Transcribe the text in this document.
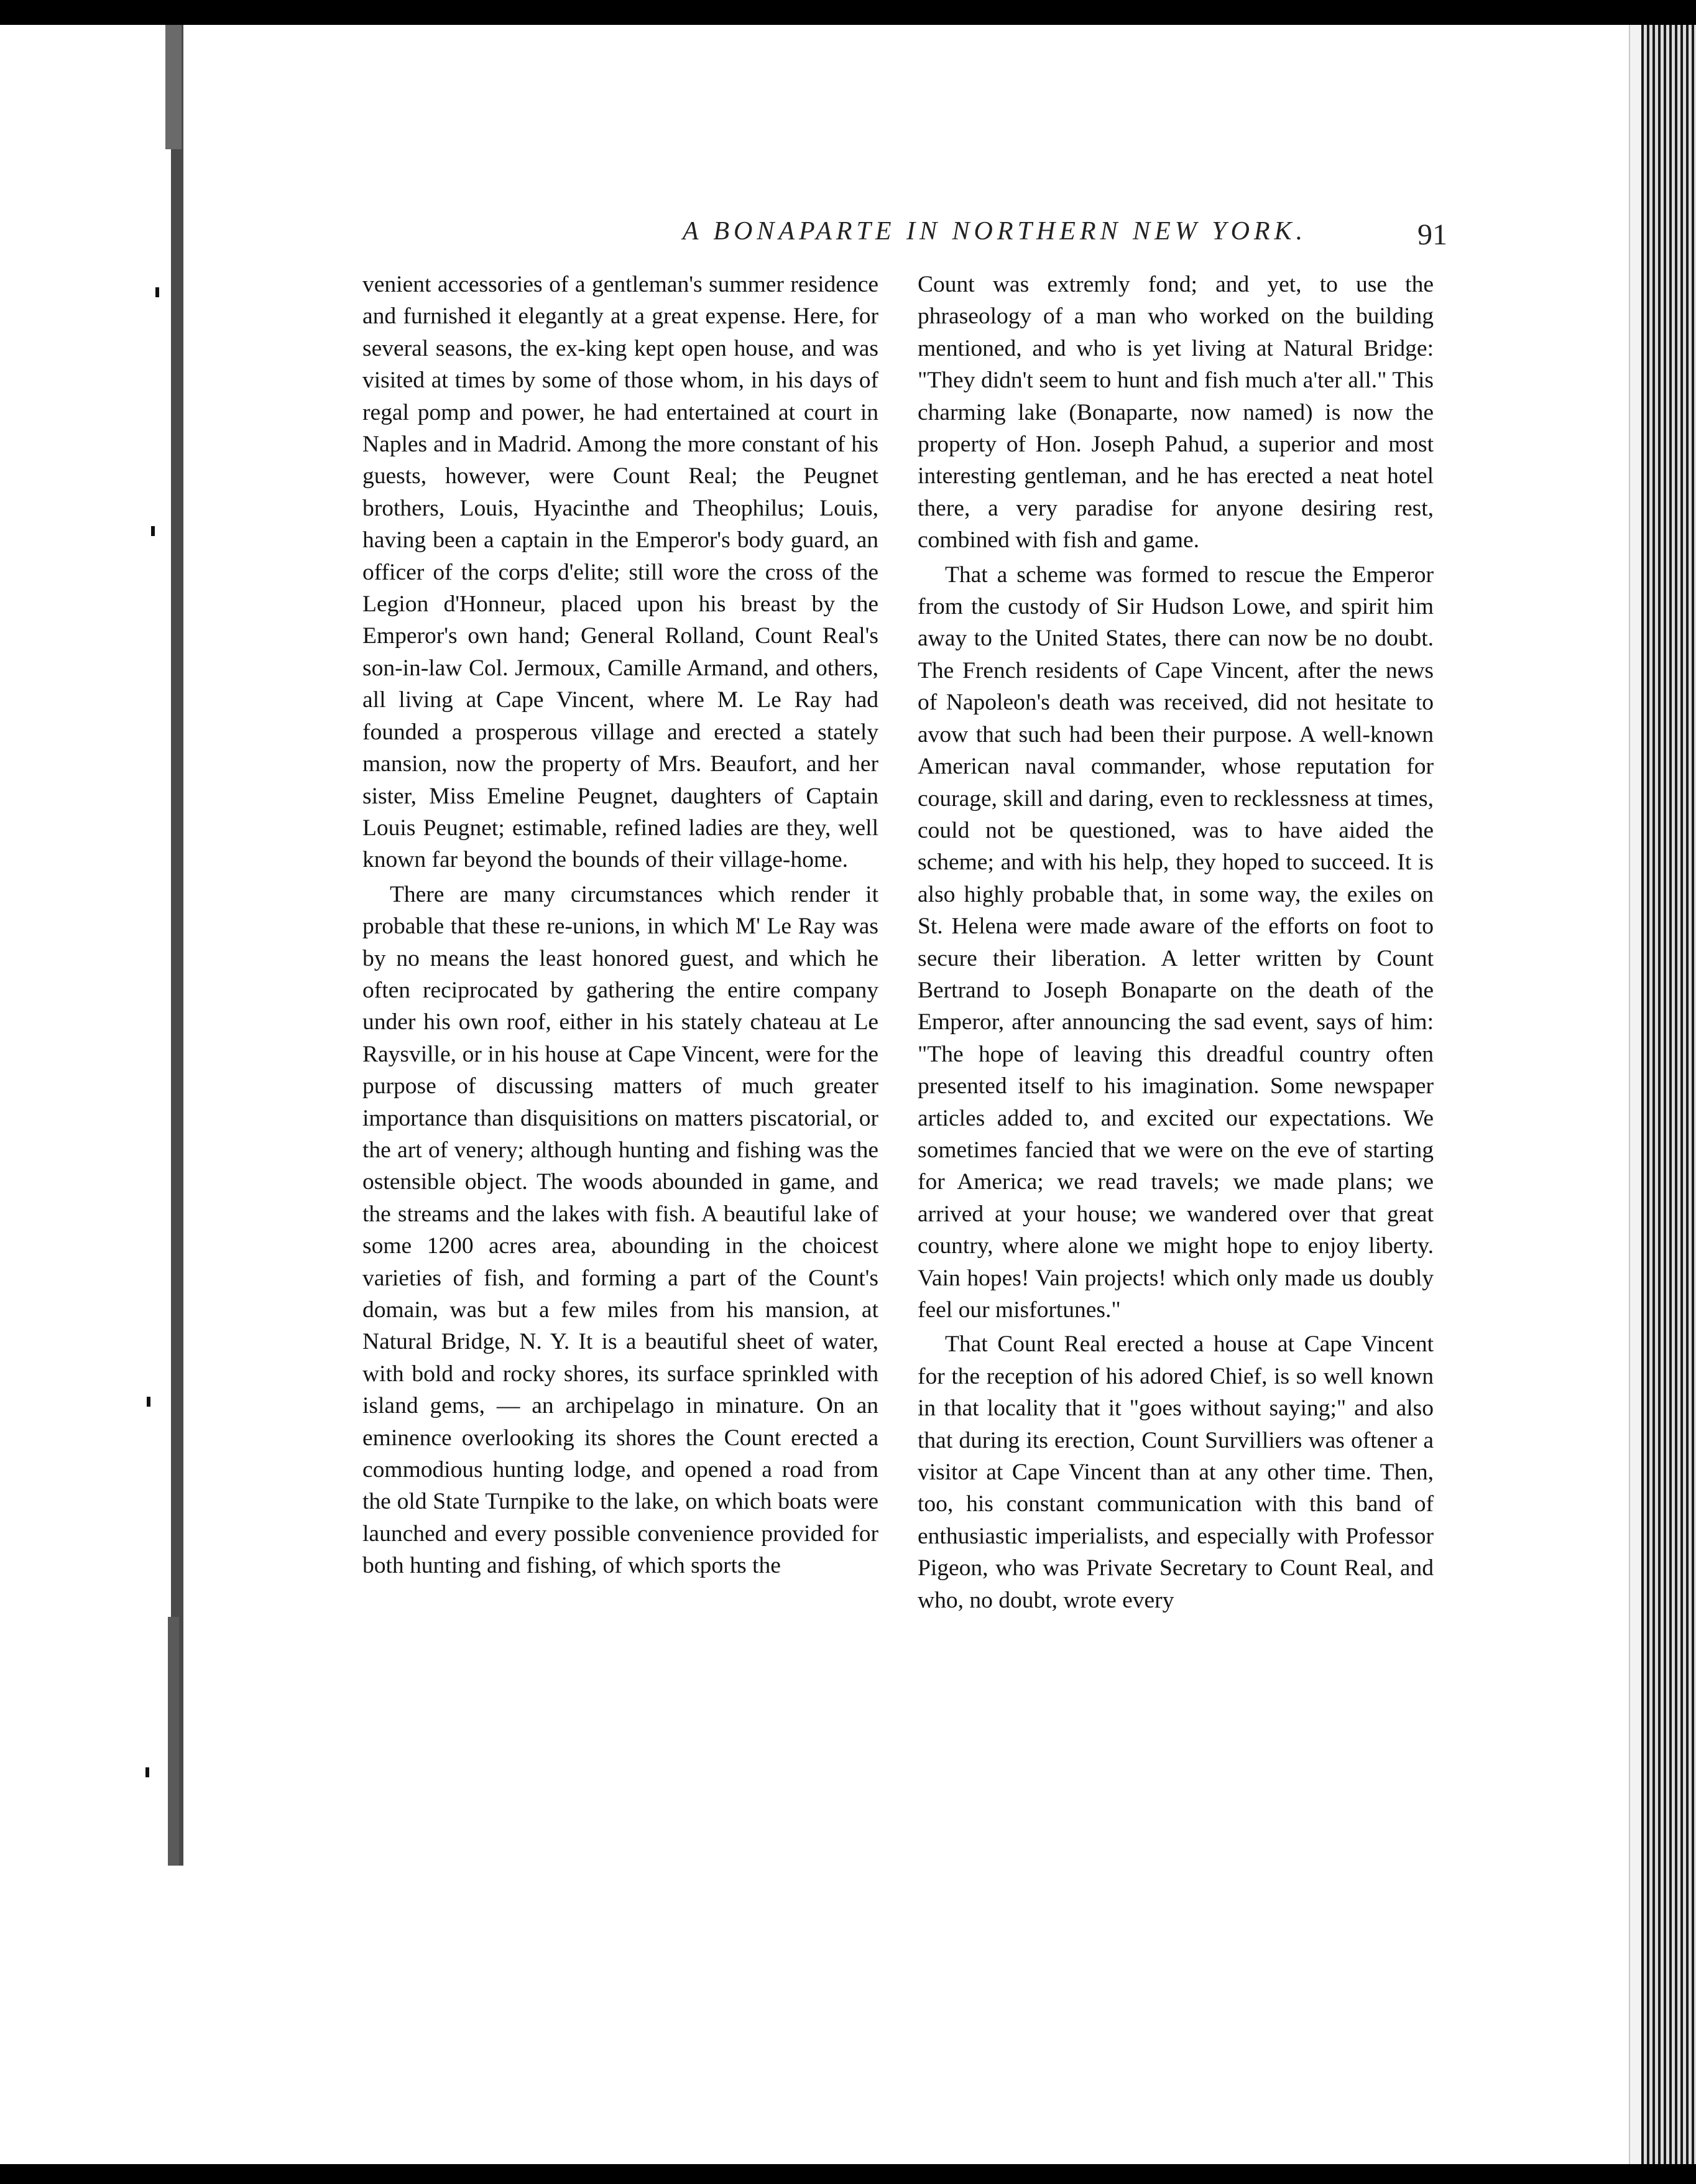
A BONAPARTE IN NORTHERN NEW YORK.	91

venient accessories of a gentleman's summer residence and furnished it elegantly at a great expense. Here, for several seasons, the ex-king kept open house, and was visited at times by some of those whom, in his days of regal pomp and power, he had entertained at court in Naples and in Madrid. Among the more constant of his guests, however, were Count Real; the Peugnet brothers, Louis, Hyacinthe and Theophilus; Louis, having been a captain in the Emperor's body guard, an officer of the corps d'elite; still wore the cross of the Legion d'Honneur, placed upon his breast by the Emperor's own hand; General Rolland, Count Real's son-in-law Col. Jermoux, Camille Armand, and others, all living at Cape Vincent, where M. Le Ray had founded a prosperous village and erected a stately mansion, now the property of Mrs. Beaufort, and her sister, Miss Emeline Peugnet, daughters of Captain Louis Peugnet; estimable, refined ladies are they, well known far beyond the bounds of their village-home.

There are many circumstances which render it probable that these re-unions, in which M' Le Ray was by no means the least honored guest, and which he often reciprocated by gathering the entire company under his own roof, either in his stately chateau at Le Raysville, or in his house at Cape Vincent, were for the purpose of discussing matters of much greater importance than disquisitions on matters piscatorial, or the art of venery; although hunting and fishing was the ostensible object. The woods abounded in game, and the streams and the lakes with fish. A beautiful lake of some 1200 acres area, abounding in the choicest varieties of fish, and forming a part of the Count's domain, was but a few miles from his mansion, at Natural Bridge, N. Y. It is a beautiful sheet of water, with bold and rocky shores, its surface sprinkled with island gems, — an archipelago in minature. On an eminence overlooking its shores the Count erected a commodious hunting lodge, and opened a road from the old State Turnpike to the lake, on which boats were launched and every possible convenience provided for both hunting and fishing, of which sports the

Count was extremly fond; and yet, to use the phraseology of a man who worked on the building mentioned, and who is yet living at Natural Bridge: "They didn't seem to hunt and fish much a'ter all." This charming lake (Bonaparte, now named) is now the property of Hon. Joseph Pahud, a superior and most interesting gentleman, and he has erected a neat hotel there, a very paradise for anyone desiring rest, combined with fish and game.

That a scheme was formed to rescue the Emperor from the custody of Sir Hudson Lowe, and spirit him away to the United States, there can now be no doubt. The French residents of Cape Vincent, after the news of Napoleon's death was received, did not hesitate to avow that such had been their purpose. A well-known American naval commander, whose reputation for courage, skill and daring, even to recklessness at times, could not be questioned, was to have aided the scheme; and with his help, they hoped to succeed. It is also highly probable that, in some way, the exiles on St. Helena were made aware of the efforts on foot to secure their liberation. A letter written by Count Bertrand to Joseph Bonaparte on the death of the Emperor, after announcing the sad event, says of him: "The hope of leaving this dreadful country often presented itself to his imagination. Some newspaper articles added to, and excited our expectations. We sometimes fancied that we were on the eve of starting for America; we read travels; we made plans; we arrived at your house; we wandered over that great country, where alone we might hope to enjoy liberty. Vain hopes! Vain projects! which only made us doubly feel our misfortunes."

That Count Real erected a house at Cape Vincent for the reception of his adored Chief, is so well known in that locality that it "goes without saying;" and also that during its erection, Count Survilliers was oftener a visitor at Cape Vincent than at any other time. Then, too, his constant communication with this band of enthusiastic imperialists, and especially with Professor Pigeon, who was Private Secretary to Count Real, and who, no doubt, wrote every
